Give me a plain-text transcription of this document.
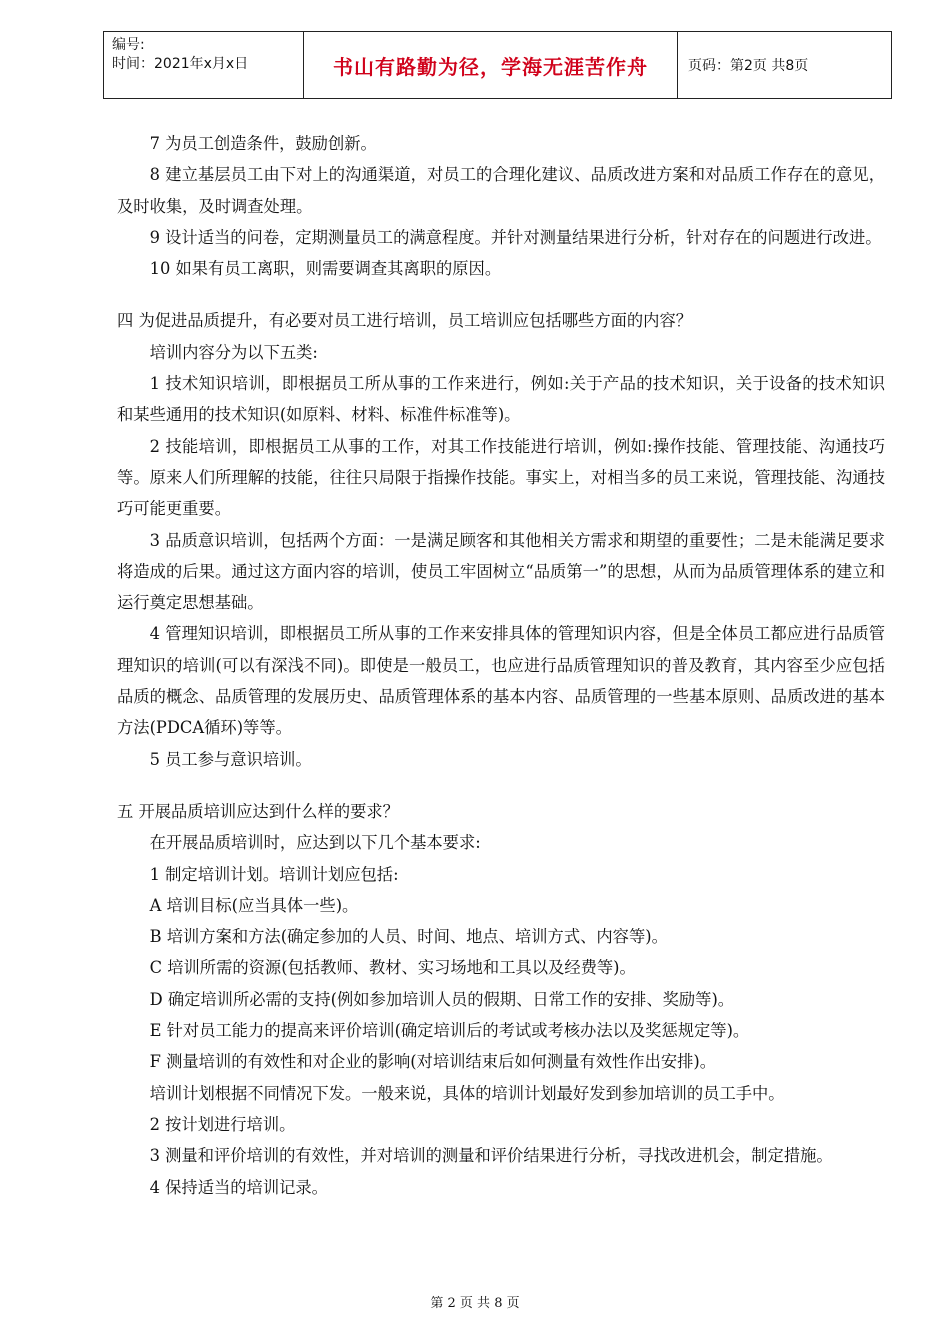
编号:
时间：2021年x月x日	书山有路勤为径，学海无涯苦作舟	页码：第2页 共8页

7 为员工创造条件，鼓励创新。

8 建立基层员工由下对上的沟通渠道，对员工的合理化建议、品质改进方案和对品质工作存在的意见，及时收集，及时调查处理。

9 设计适当的问卷，定期测量员工的满意程度。并针对测量结果进行分析，针对存在的问题进行改进。

10 如果有员工离职，则需要调查其离职的原因。

四 为促进品质提升，有必要对员工进行培训，员工培训应包括哪些方面的内容？

培训内容分为以下五类:

1 技术知识培训，即根据员工所从事的工作来进行，例如:关于产品的技术知识，关于设备的技术知识和某些通用的技术知识(如原料、材料、标准件标准等)。

2 技能培训，即根据员工从事的工作，对其工作技能进行培训，例如:操作技能、管理技能、沟通技巧等。原来人们所理解的技能，往往只局限于指操作技能。事实上，对相当多的员工来说，管理技能、沟通技巧可能更重要。

3 品质意识培训，包括两个方面：一是满足顾客和其他相关方需求和期望的重要性；二是未能满足要求将造成的后果。通过这方面内容的培训，使员工牢固树立“品质第一”的思想，从而为品质管理体系的建立和运行奠定思想基础。

4 管理知识培训，即根据员工所从事的工作来安排具体的管理知识内容，但是全体员工都应进行品质管理知识的培训(可以有深浅不同)。即使是一般员工，也应进行品质管理知识的普及教育，其内容至少应包括品质的概念、品质管理的发展历史、品质管理体系的基本内容、品质管理的一些基本原则、品质改进的基本方法(PDCA循环)等等。

5 员工参与意识培训。

五 开展品质培训应达到什么样的要求？

在开展品质培训时，应达到以下几个基本要求:

1 制定培训计划。培训计划应包括:

A 培训目标(应当具体一些)。

B 培训方案和方法(确定参加的人员、时间、地点、培训方式、内容等)。

C 培训所需的资源(包括教师、教材、实习场地和工具以及经费等)。

D 确定培训所必需的支持(例如参加培训人员的假期、日常工作的安排、奖励等)。

E 针对员工能力的提高来评价培训(确定培训后的考试或考核办法以及奖惩规定等)。

F 测量培训的有效性和对企业的影响(对培训结束后如何测量有效性作出安排)。

培训计划根据不同情况下发。一般来说，具体的培训计划最好发到参加培训的员工手中。

2 按计划进行培训。

3 测量和评价培训的有效性，并对培训的测量和评价结果进行分析，寻找改进机会，制定措施。

4 保持适当的培训记录。

第 2 页 共 8 页
